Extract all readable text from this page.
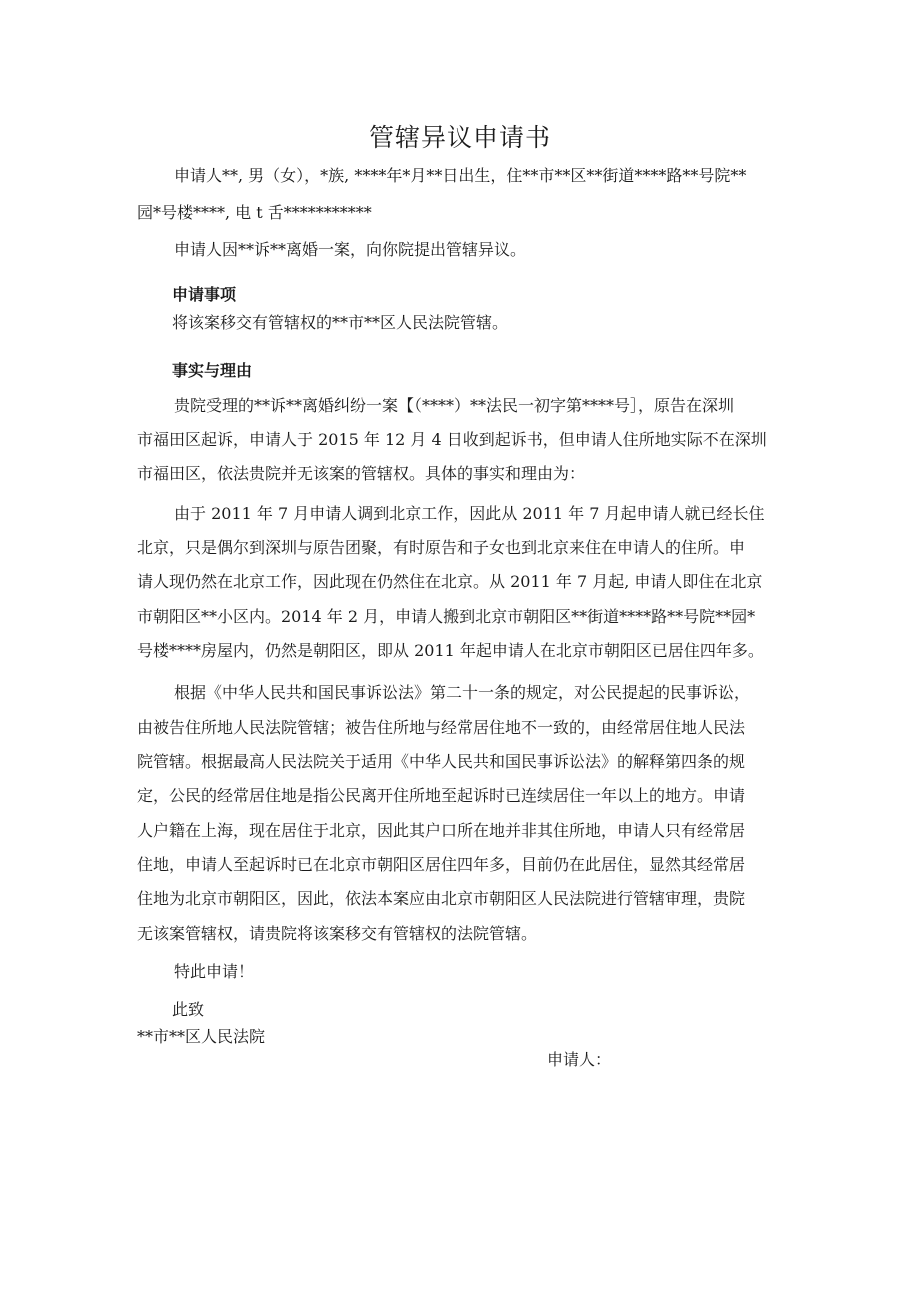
管辖异议申请书

申请人**, 男（女），*族, ****年*月**日出生，住**市**区**街道****路**号院**

园*号楼****, 电 t 舌***********

申请人因**诉**离婚一案，向你院提出管辖异议。

申请事项

将该案移交有管辖权的**市**区人民法院管辖。

事实与理由

贵院受理的**诉**离婚纠纷一案【（****）**法民一初字第****号］，原告在深圳

市福田区起诉，申请人于 2015 年 12 月 4 日收到起诉书，但申请人住所地实际不在深圳

市福田区，依法贵院并无该案的管辖权。具体的事实和理由为：

由于 2011 年 7 月申请人调到北京工作，因此从 2011 年 7 月起申请人就已经长住

北京，只是偶尔到深圳与原告团聚，有时原告和子女也到北京来住在申请人的住所。申

请人现仍然在北京工作，因此现在仍然住在北京。从 2011 年 7 月起, 申请人即住在北京

市朝阳区**小区内。2014 年 2 月，申请人搬到北京市朝阳区**街道****路**号院**园*

号楼****房屋内，仍然是朝阳区，即从 2011 年起申请人在北京市朝阳区已居住四年多。

根据《中华人民共和国民事诉讼法》第二十一条的规定，对公民提起的民事诉讼，

由被告住所地人民法院管辖；被告住所地与经常居住地不一致的，由经常居住地人民法

院管辖。根据最高人民法院关于适用《中华人民共和国民事诉讼法》的解释第四条的规

定，公民的经常居住地是指公民离开住所地至起诉时已连续居住一年以上的地方。申请

人户籍在上海，现在居住于北京，因此其户口所在地并非其住所地，申请人只有经常居

住地，申请人至起诉时已在北京市朝阳区居住四年多，目前仍在此居住，显然其经常居

住地为北京市朝阳区，因此，依法本案应由北京市朝阳区人民法院进行管辖审理，贵院

无该案管辖权，请贵院将该案移交有管辖权的法院管辖。

特此申请！

此致

**市**区人民法院

申请人：
